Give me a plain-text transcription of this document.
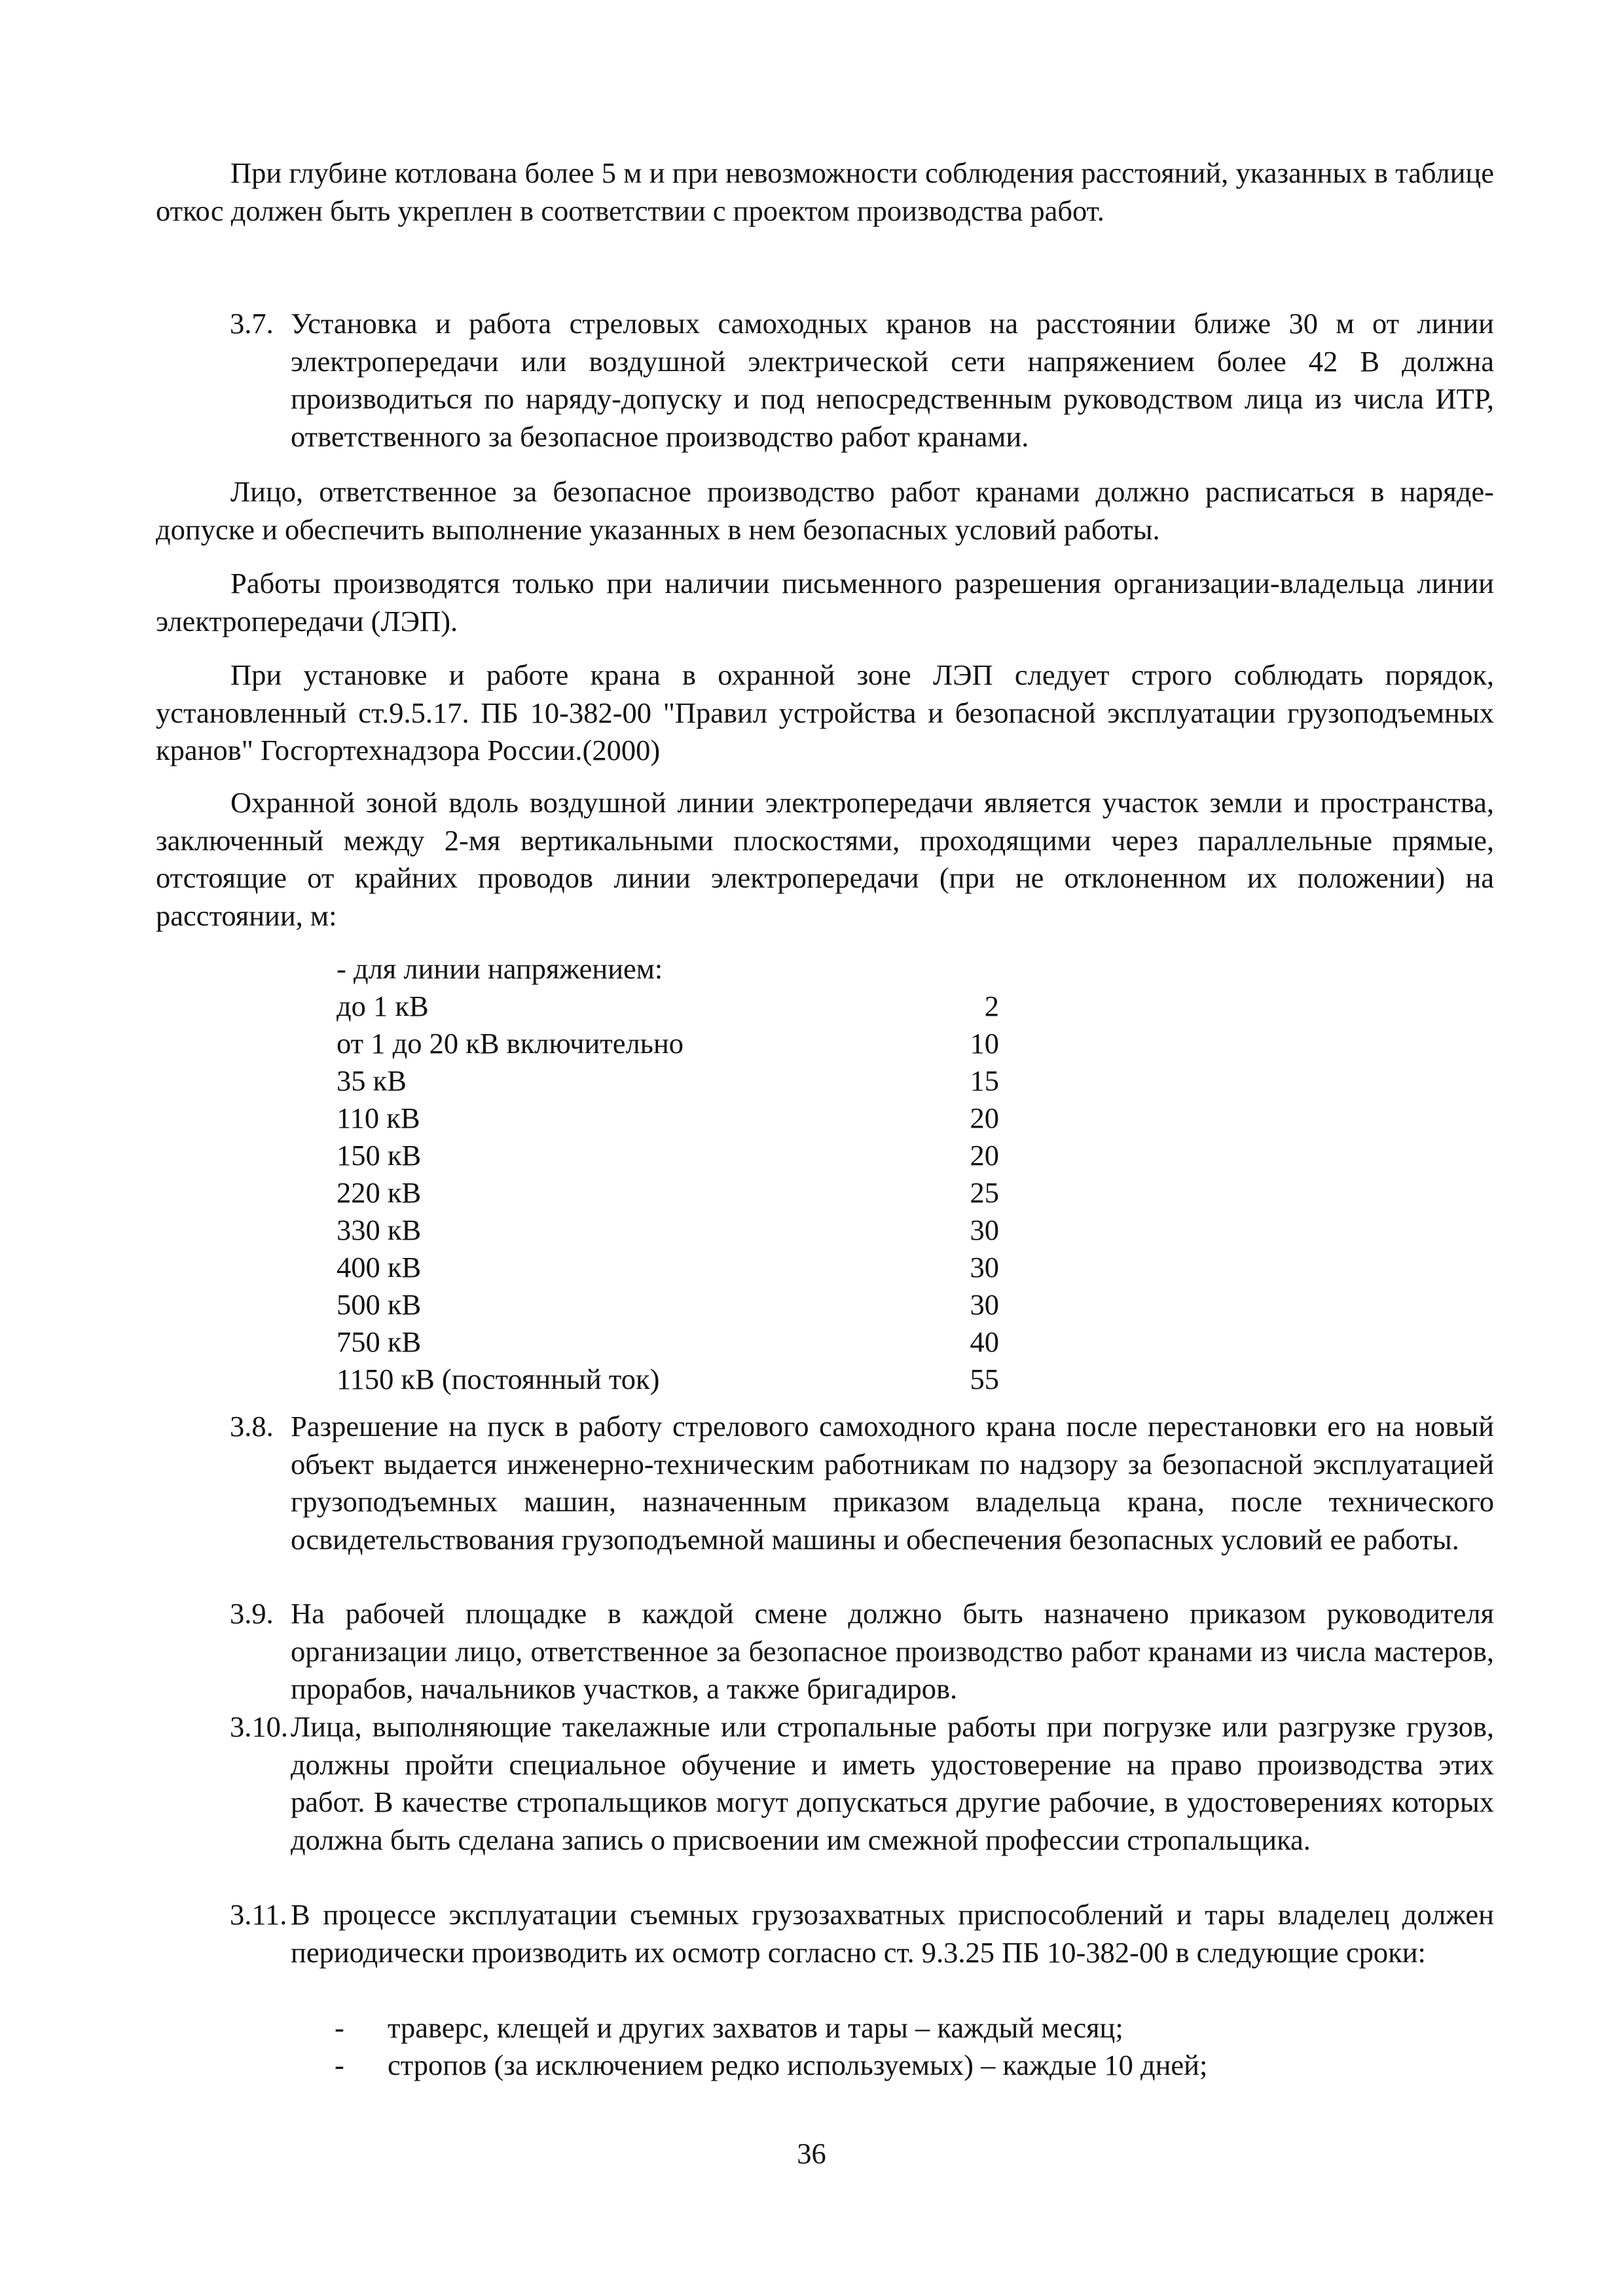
При глубине котлована более 5 м и при невозможности соблюдения расстояний, указанных в таблице откос должен быть укреплен в соответствии с проектом производства работ.

3.7. Установка и работа стреловых самоходных кранов на расстоянии ближе 30 м от линии электропередачи или воздушной электрической сети напряжением более 42 В должна производиться по наряду-допуску и под непосредственным руководством лица из числа ИТР, ответственного за безопасное производство работ кранами.

Лицо, ответственное за безопасное производство работ кранами должно расписаться в наряде-допуске и обеспечить выполнение указанных в нем безопасных условий работы.

Работы производятся только при наличии письменного разрешения организации-владельца линии электропередачи (ЛЭП).

При установке и работе крана в охранной зоне ЛЭП следует строго соблюдать порядок, установленный ст.9.5.17. ПБ 10-382-00 "Правил устройства и безопасной эксплуатации грузоподъемных кранов" Госгортехнадзора России.(2000)

Охранной зоной вдоль воздушной линии электропередачи является участок земли и пространства, заключенный между 2-мя вертикальными плоскостями, проходящими через параллельные прямые, отстоящие от крайних проводов линии электропередачи (при не отклоненном их положении) на расстоянии, м:

- для линии напряжением:

до 1 кВ	2
от 1 до 20 кВ включительно	10
35 кВ	15
110 кВ	20
150 кВ	20
220 кВ	25
330 кВ	30
400 кВ	30
500 кВ	30
750 кВ	40
1150 кВ (постоянный ток)	55

3.8. Разрешение на пуск в работу стрелового самоходного крана после перестановки его на новый объект выдается инженерно-техническим работникам по надзору за безопасной эксплуатацией грузоподъемных машин, назначенным приказом владельца крана, после технического освидетельствования грузоподъемной машины и обеспечения безопасных условий ее работы.

3.9. На рабочей площадке в каждой смене должно быть назначено приказом руководителя организации лицо, ответственное за безопасное производство работ кранами из числа мастеров, прорабов, начальников участков, а также бригадиров.

3.10. Лица, выполняющие такелажные или стропальные работы при погрузке или разгрузке грузов, должны пройти специальное обучение и иметь удостоверение на право производства этих работ. В качестве стропальщиков могут допускаться другие рабочие, в удостоверениях которых должна быть сделана запись о присвоении им смежной профессии стропальщика.

3.11. В процессе эксплуатации съемных грузозахватных приспособлений и тары владелец должен периодически производить их осмотр согласно ст. 9.3.25 ПБ 10-382-00 в следующие сроки:

- траверс, клещей и других захватов и тары – каждый месяц;

- стропов (за исключением редко используемых) – каждые 10 дней;

36
